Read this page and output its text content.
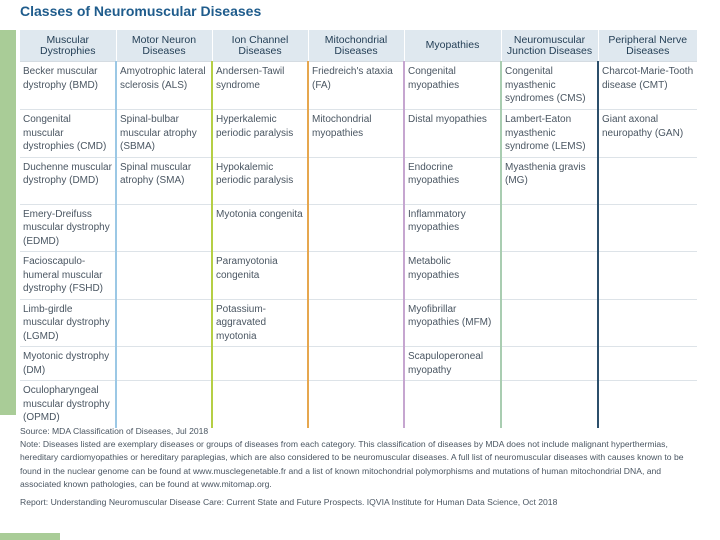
Classes of Neuromuscular Diseases
Muscular Dystrophies	Motor Neuron Diseases	Ion Channel Diseases	Mitochondrial Diseases	Myopathies	Neuromuscular Junction Diseases	Peripheral Nerve Diseases
Becker muscular dystrophy (BMD)	Amyotrophic lateral sclerosis (ALS)	Andersen-Tawil syndrome	Friedreich's ataxia (FA)	Congenital myopathies	Congenital myasthenic syndromes (CMS)	Charcot-Marie-Tooth disease (CMT)
Congenital muscular dystrophies (CMD)	Spinal-bulbar muscular atrophy (SBMA)	Hyperkalemic periodic paralysis	Mitochondrial myopathies	Distal myopathies	Lambert-Eaton myasthenic syndrome (LEMS)	Giant axonal neuropathy (GAN)
Duchenne muscular dystrophy (DMD)	Spinal muscular atrophy (SMA)	Hypokalemic periodic paralysis		Endocrine myopathies	Myasthenia gravis (MG)	
Emery-Dreifuss muscular dystrophy (EDMD)		Myotonia congenita		Inflammatory myopathies		
Facioscapulo-humeral muscular dystrophy (FSHD)		Paramyotonia congenita		Metabolic myopathies		
Limb-girdle muscular dystrophy (LGMD)		Potassium-aggravated myotonia		Myofibrillar myopathies (MFM)		
Myotonic dystrophy (DM)				Scapuloperoneal myopathy		
Oculopharyngeal muscular dystrophy (OPMD)						

Source: MDA Classification of Diseases, Jul 2018

Note: Diseases listed are exemplary diseases or groups of diseases from each category. This classification of diseases by MDA does not include malignant hyperthermias, hereditary cardiomyopathies or hereditary paraplegias, which are also considered to be neuromuscular diseases. A full list of neuromuscular diseases with causes known to be found in the nuclear genome can be found at www.musclegenetable.fr and a list of known mitochondrial polymorphisms and mutations of human mitochondrial DNA, and associated known pathologies, can be found at www.mitomap.org.

Report: Understanding Neuromuscular Disease Care: Current State and Future Prospects. IQVIA Institute for Human Data Science, Oct 2018
